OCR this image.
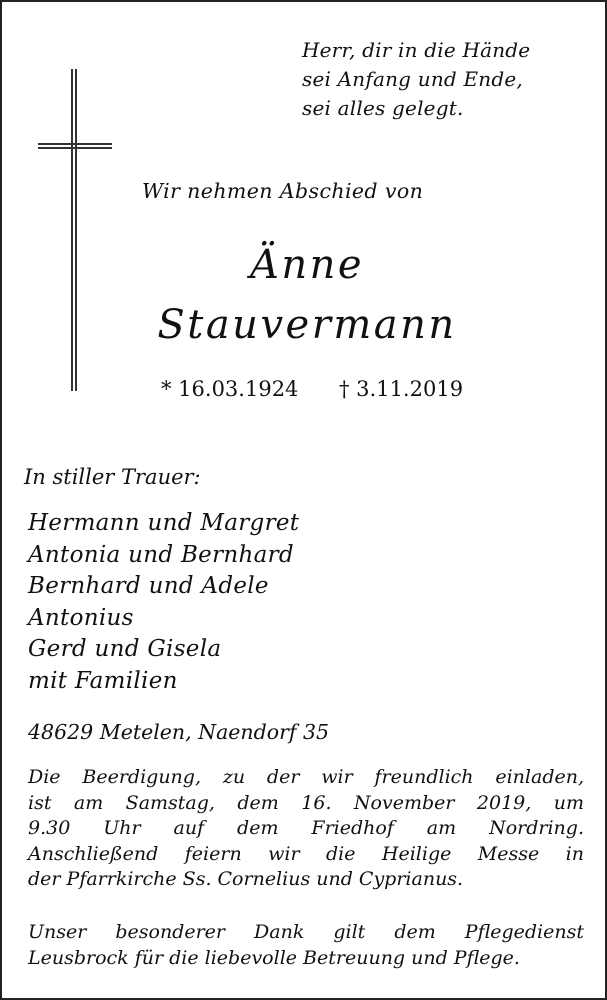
Herr, dir in die Hände
sei Anfang und Ende,
sei alles gelegt.
Wir nehmen Abschied von
Änne
Stauvermann
* 16.03.1924 † 3.11.2019
In stiller Trauer:
Hermann und Margret
Antonia und Bernhard
Bernhard und Adele
Antonius
Gerd und Gisela
mit Familien
48629 Metelen, Naendorf 35
Die Beerdigung, zu der wir freundlich einladen,
ist am Samstag, dem 16. November 2019, um
9.30 Uhr auf dem Friedhof am Nordring.
Anschließend feiern wir die Heilige Messe in
der Pfarrkirche Ss. Cornelius und Cyprianus.
Unser besonderer Dank gilt dem Pflegedienst
Leusbrock für die liebevolle Betreuung und Pflege.
